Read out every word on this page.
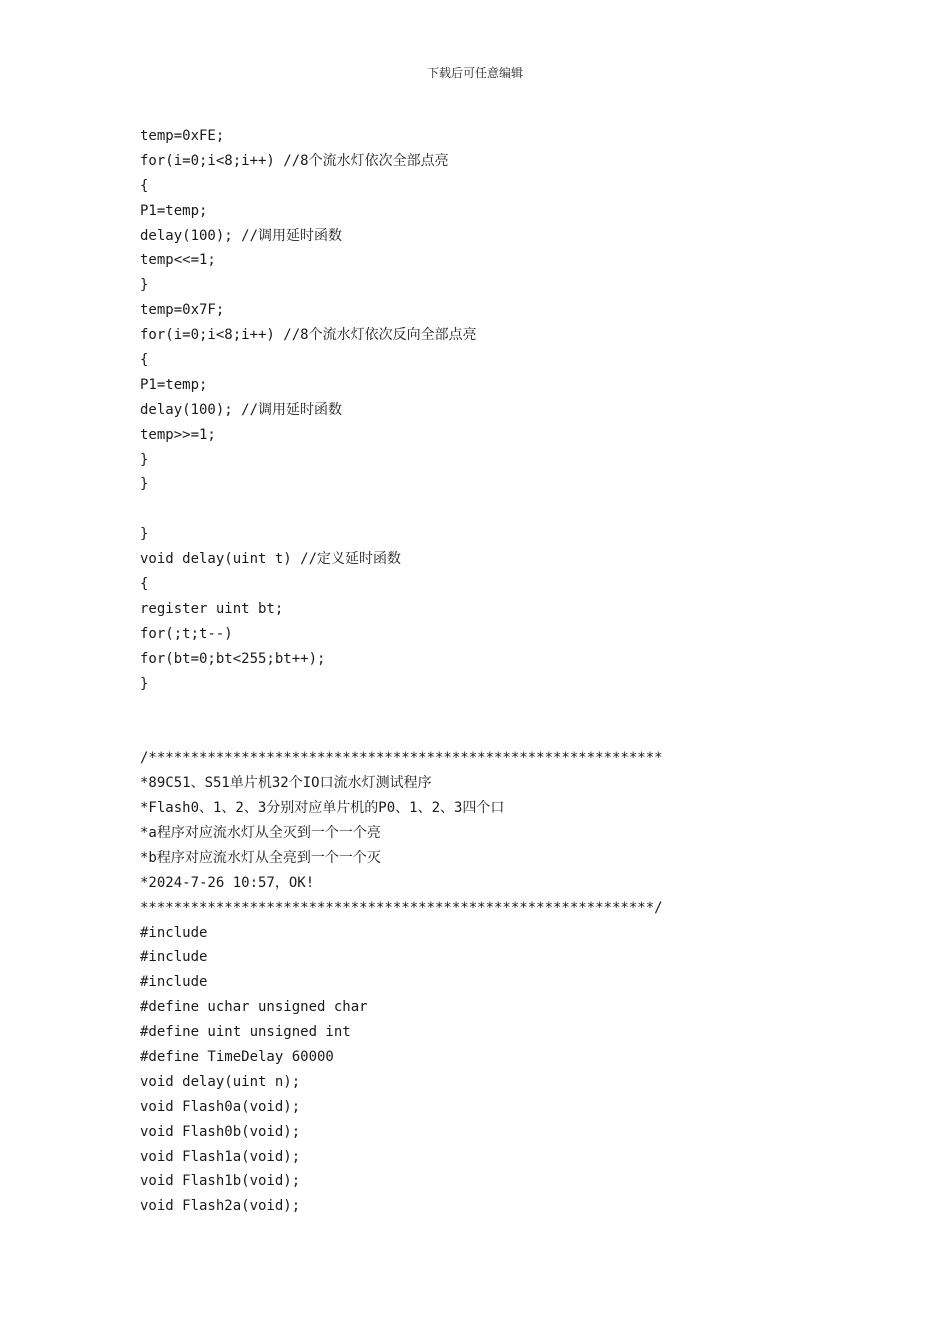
下载后可任意编辑
temp=0xFE;
for(i=0;i<8;i++) //8个流水灯依次全部点亮
{
P1=temp;
delay(100); //调用延时函数
temp<<=1;
}
temp=0x7F;
for(i=0;i<8;i++) //8个流水灯依次反向全部点亮
{
P1=temp;
delay(100); //调用延时函数
temp>>=1;
}
}
}
void delay(uint t) //定义延时函数
{
register uint bt;
for(;t;t--)
for(bt=0;bt<255;bt++);
}
/*************************************************************
*89C51、S51单片机32个IO口流水灯测试程序
*Flash0、1、2、3分别对应单片机的P0、1、2、3四个口
*a程序对应流水灯从全灭到一个一个亮
*b程序对应流水灯从全亮到一个一个灭
*2024-7-26 10:57，OK!
*************************************************************/
#include
#include
#include
#define uchar unsigned char
#define uint unsigned int
#define TimeDelay 60000
void delay(uint n);
void Flash0a(void);
void Flash0b(void);
void Flash1a(void);
void Flash1b(void);
void Flash2a(void);
